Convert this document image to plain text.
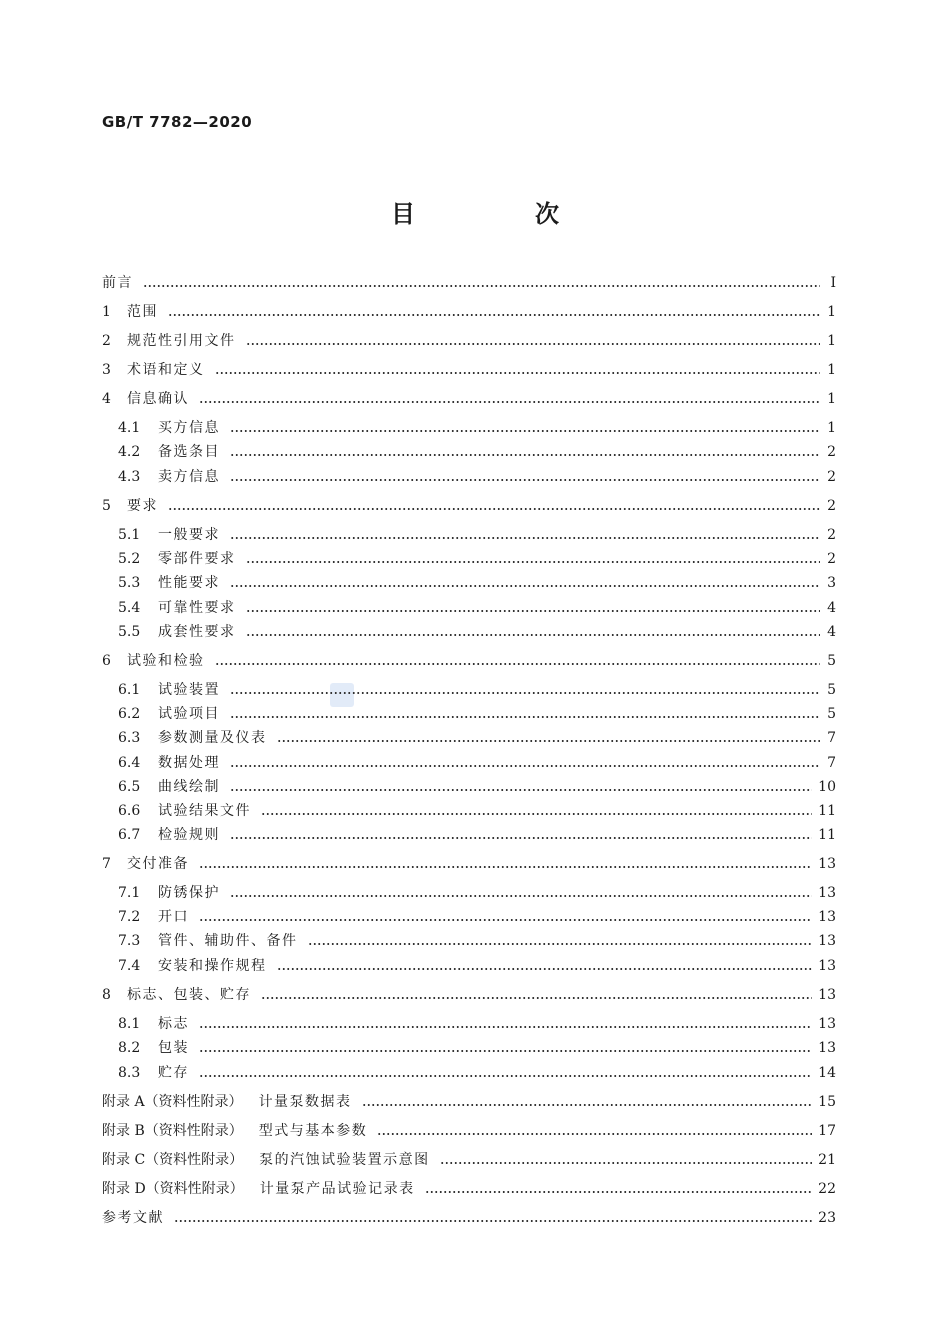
GB/T 7782—2020
目　次
前言	Ⅰ
1	范围	1
2	规范性引用文件	1
3	术语和定义	1
4	信息确认	1
4.1	买方信息	1
4.2	备选条目	2
4.3	卖方信息	2
5	要求	2
5.1	一般要求	2
5.2	零部件要求	2
5.3	性能要求	3
5.4	可靠性要求	4
5.5	成套性要求	4
6	试验和检验	5
6.1	试验装置	5
6.2	试验项目	5
6.3	参数测量及仪表	7
6.4	数据处理	7
6.5	曲线绘制	10
6.6	试验结果文件	11
6.7	检验规则	11
7	交付准备	13
7.1	防锈保护	13
7.2	开口	13
7.3	管件、辅助件、备件	13
7.4	安装和操作规程	13
8	标志、包装、贮存	13
8.1	标志	13
8.2	包装	13
8.3	贮存	14
附录 A（资料性附录） 计量泵数据表	15
附录 B（资料性附录） 型式与基本参数	17
附录 C（资料性附录） 泵的汽蚀试验装置示意图	21
附录 D（资料性附录） 计量泵产品试验记录表	22
参考文献	23
